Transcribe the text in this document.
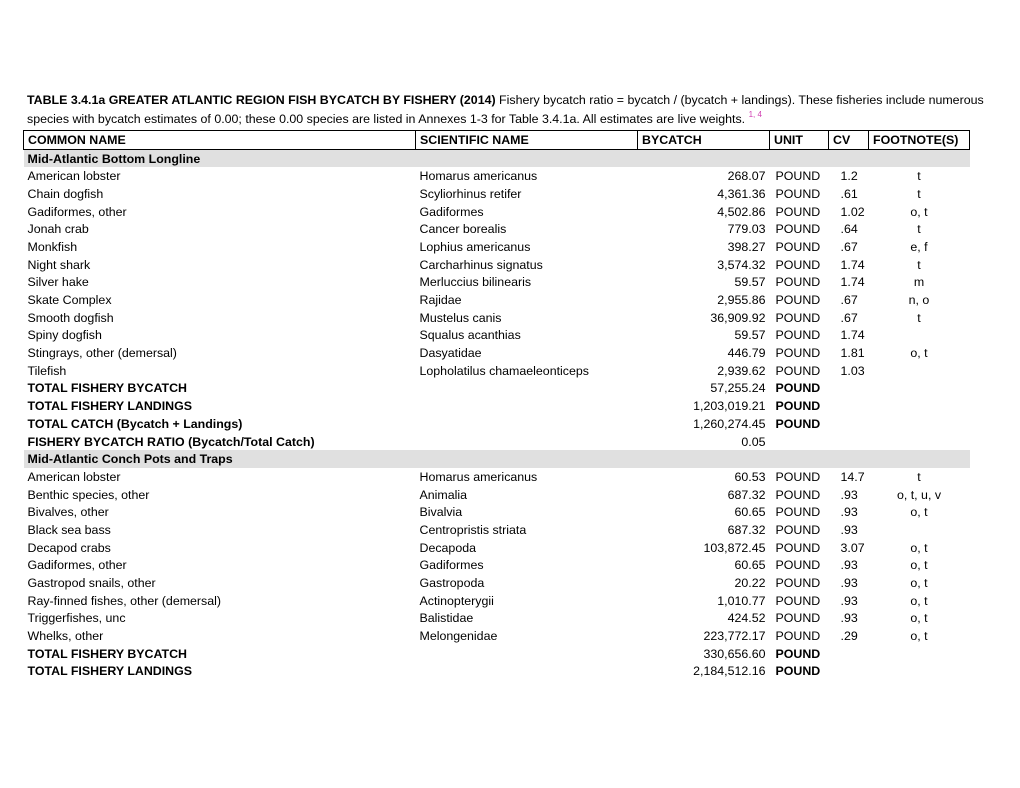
TABLE 3.4.1a GREATER ATLANTIC REGION FISH BYCATCH BY FISHERY (2014) Fishery bycatch ratio = bycatch / (bycatch + landings). These fisheries include numerous species with bycatch estimates of 0.00; these 0.00 species are listed in Annexes 1-3 for Table 3.4.1a. All estimates are live weights. $^{1, 4}$
COMMON NAME	SCIENTIFIC NAME	BYCATCH	UNIT	CV	FOOTNOTE(S)
Mid-Atlantic Bottom Longline					
American lobster	Homarus americanus	268.07	POUND	1.2	t
Chain dogfish	Scyliorhinus retifer	4,361.36	POUND	.61	t
Gadiformes, other	Gadiformes	4,502.86	POUND	1.02	o, t
Jonah crab	Cancer borealis	779.03	POUND	.64	t
Monkfish	Lophius americanus	398.27	POUND	.67	e, f
Night shark	Carcharhinus signatus	3,574.32	POUND	1.74	t
Silver hake	Merluccius bilinearis	59.57	POUND	1.74	m
Skate Complex	Rajidae	2,955.86	POUND	.67	n, o
Smooth dogfish	Mustelus canis	36,909.92	POUND	.67	t
Spiny dogfish	Squalus acanthias	59.57	POUND	1.74	
Stingrays, other (demersal)	Dasyatidae	446.79	POUND	1.81	o, t
Tilefish	Lopholatilus chamaeleonticeps	2,939.62	POUND	1.03	
TOTAL FISHERY BYCATCH		57,255.24	POUND		
TOTAL FISHERY LANDINGS		1,203,019.21	POUND		
TOTAL CATCH (Bycatch + Landings)		1,260,274.45	POUND		
FISHERY BYCATCH RATIO (Bycatch/Total Catch)		0.05			
Mid-Atlantic Conch Pots and Traps					
American lobster	Homarus americanus	60.53	POUND	14.7	t
Benthic species, other	Animalia	687.32	POUND	.93	o, t, u, v
Bivalves, other	Bivalvia	60.65	POUND	.93	o, t
Black sea bass	Centropristis striata	687.32	POUND	.93	
Decapod crabs	Decapoda	103,872.45	POUND	3.07	o, t
Gadiformes, other	Gadiformes	60.65	POUND	.93	o, t
Gastropod snails, other	Gastropoda	20.22	POUND	.93	o, t
Ray-finned fishes, other (demersal)	Actinopterygii	1,010.77	POUND	.93	o, t
Triggerfishes, unc	Balistidae	424.52	POUND	.93	o, t
Whelks, other	Melongenidae	223,772.17	POUND	.29	o, t
TOTAL FISHERY BYCATCH		330,656.60	POUND		
TOTAL FISHERY LANDINGS		2,184,512.16	POUND		
